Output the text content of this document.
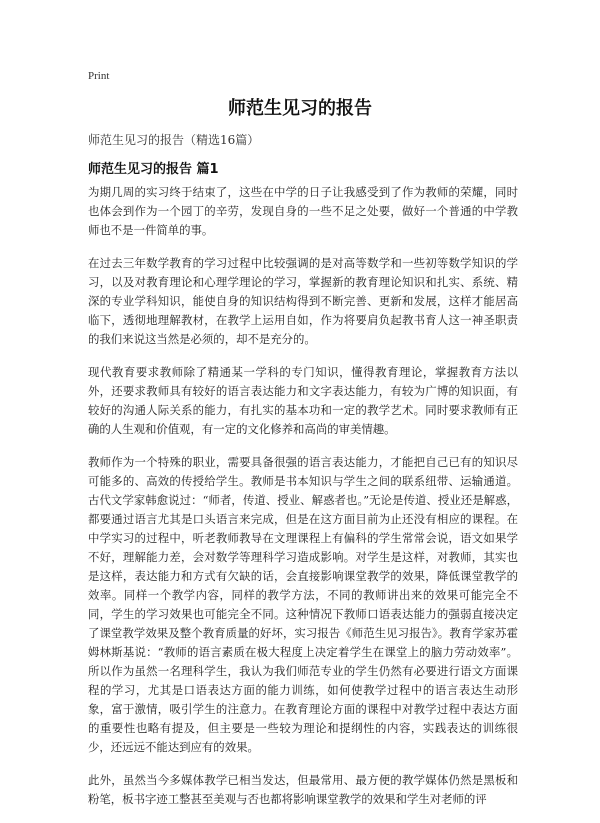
Print
师范生见习的报告
师范生见习的报告（精选16篇）
师范生见习的报告 篇1

为期几周的实习终于结束了，这些在中学的日子让我感受到了作为教师的荣耀，同时也体会到作为一个园丁的辛劳，发现自身的一些不足之处要，做好一个普通的中学教师也不是一件简单的事。

在过去三年数学教育的学习过程中比较强调的是对高等数学和一些初等数学知识的学习，以及对教育理论和心理学理论的学习，掌握新的教育理论知识和扎实、系统、精深的专业学科知识，能使自身的知识结构得到不断完善、更新和发展，这样才能居高临下，透彻地理解教材，在教学上运用自如，作为将要肩负起教书育人这一神圣职责的我们来说这当然是必须的，却不是充分的。

现代教育要求教师除了精通某一学科的专门知识，懂得教育理论，掌握教育方法以外，还要求教师具有较好的语言表达能力和文字表达能力，有较为广博的知识面，有较好的沟通人际关系的能力，有扎实的基本功和一定的教学艺术。同时要求教师有正确的人生观和价值观，有一定的文化修养和高尚的审美情趣。

教师作为一个特殊的职业，需要具备很强的语言表达能力，才能把自己已有的知识尽可能多的、高效的传授给学生。教师是书本知识与学生之间的联系纽带、运输通道。古代文学家韩愈说过：“师者，传道、授业、解惑者也。”无论是传道、授业还是解惑，都要通过语言尤其是口头语言来完成，但是在这方面目前为止还没有相应的课程。在中学实习的过程中，听老教师教导在文理课程上有偏科的学生常常会说，语文如果学不好，理解能力差，会对数学等理科学习造成影响。对学生是这样，对教师，其实也是这样，表达能力和方式有欠缺的话，会直接影响课堂教学的效果，降低课堂教学的效率。同样一个教学内容，同样的教学方法，不同的教师讲出来的效果可能完全不同，学生的学习效果也可能完全不同。这种情况下教师口语表达能力的强弱直接决定了课堂教学效果及整个教育质量的好坏，实习报告《师范生见习报告》。教育学家苏霍姆林斯基说：“教师的语言素质在极大程度上决定着学生在课堂上的脑力劳动效率”。所以作为虽然一名理科学生，我认为我们师范专业的学生仍然有必要进行语文方面课程的学习，尤其是口语表达方面的能力训练，如何使教学过程中的语言表达生动形象，富于激情，吸引学生的注意力。在教育理论方面的课程中对教学过程中表达方面的重要性也略有提及，但主要是一些较为理论和提纲性的内容，实践表达的训练很少，还远远不能达到应有的效果。

此外，虽然当今多媒体教学已相当发达，但最常用、最方便的教学媒体仍然是黑板和粉笔，板书字迹工整甚至美观与否也都将影响课堂教学的效果和学生对老师的评
